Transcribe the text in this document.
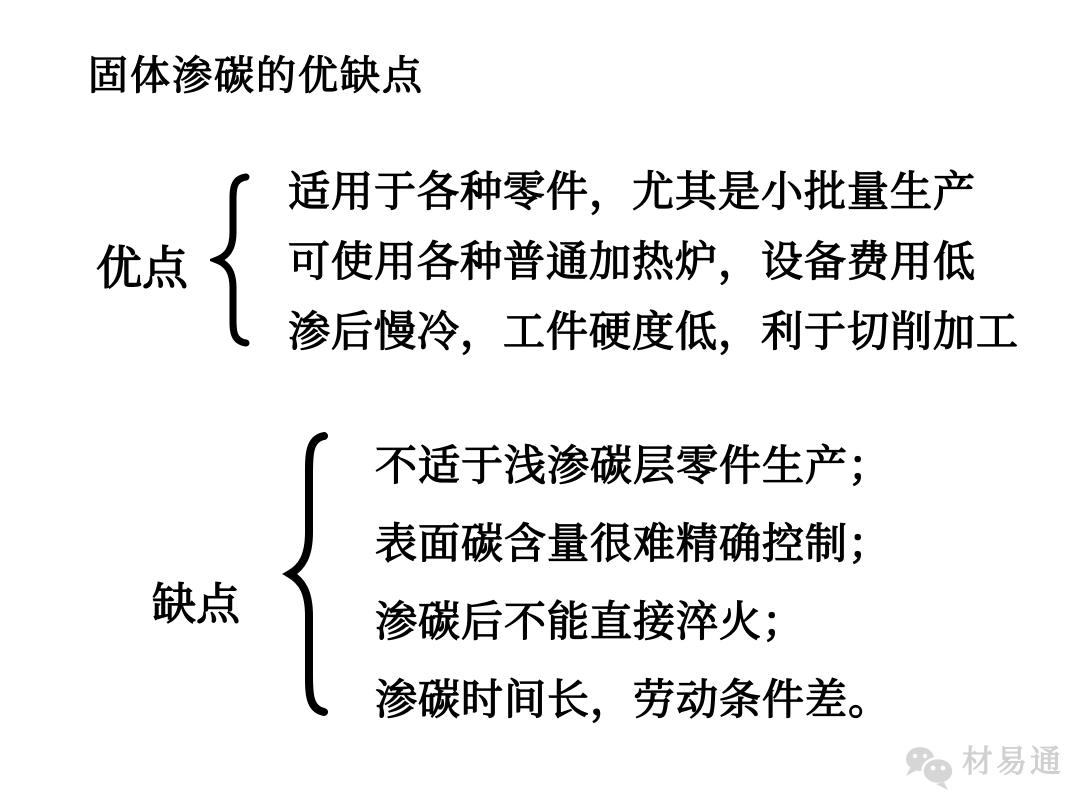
固体渗碳的优缺点
优点
适用于各种零件，尤其是小批量生产
可使用各种普通加热炉，设备费用低
渗后慢冷，工件硬度低，利于切削加工
缺点
不适于浅渗碳层零件生产；
表面碳含量很难精确控制；
渗碳后不能直接淬火；
渗碳时间长，劳动条件差。
材易通
